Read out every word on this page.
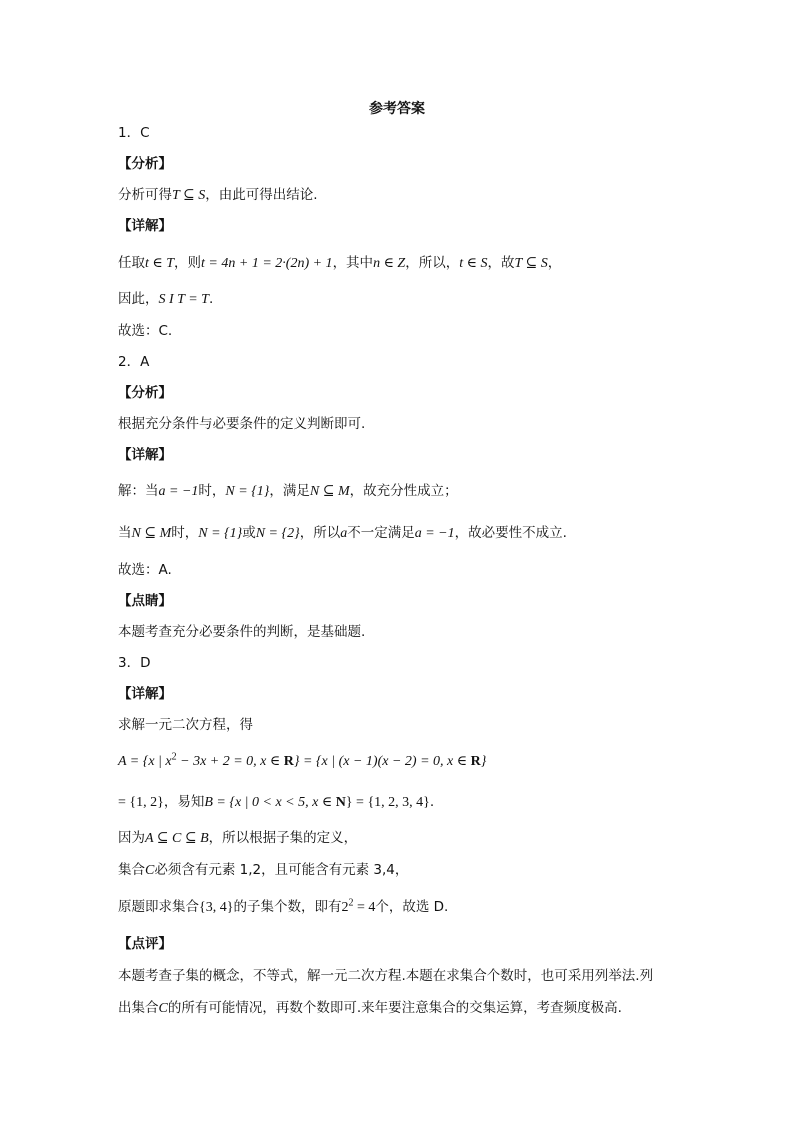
参考答案
1．C
【分析】
分析可得T ⊆ S，由此可得出结论.
【详解】
任取t ∈ T，则t = 4n + 1 = 2·(2n) + 1，其中n ∈ Z，所以，t ∈ S，故T ⊆ S，
因此，S I T = T.
故选：C.
2．A
【分析】
根据充分条件与必要条件的定义判断即可.
【详解】
解：当a = −1时，N = {1}，满足N ⊆ M，故充分性成立；
当N ⊆ M时，N = {1}或N = {2}，所以a不一定满足a = −1，故必要性不成立.
故选：A.
【点睛】
本题考查充分必要条件的判断，是基础题.
3．D
【详解】
求解一元二次方程，得
A = {x | $x^2 - 3x + 2 = 0$, x ∈ R} = {x | (x − 1)(x − 2) = 0, x ∈ R}
= {1, 2}，易知B = {x | 0 < x < 5, x ∈ N} = {1, 2, 3, 4}.
因为A ⊆ C ⊆ B，所以根据子集的定义，
集合C必须含有元素 1,2，且可能含有元素 3,4，
原题即求集合{3, 4}的子集个数，即有$2^2 = 4$个，故选 D.
【点评】
本题考查子集的概念，不等式，解一元二次方程.本题在求集合个数时，也可采用列举法.列
出集合C的所有可能情况，再数个数即可.来年要注意集合的交集运算，考查频度极高.
